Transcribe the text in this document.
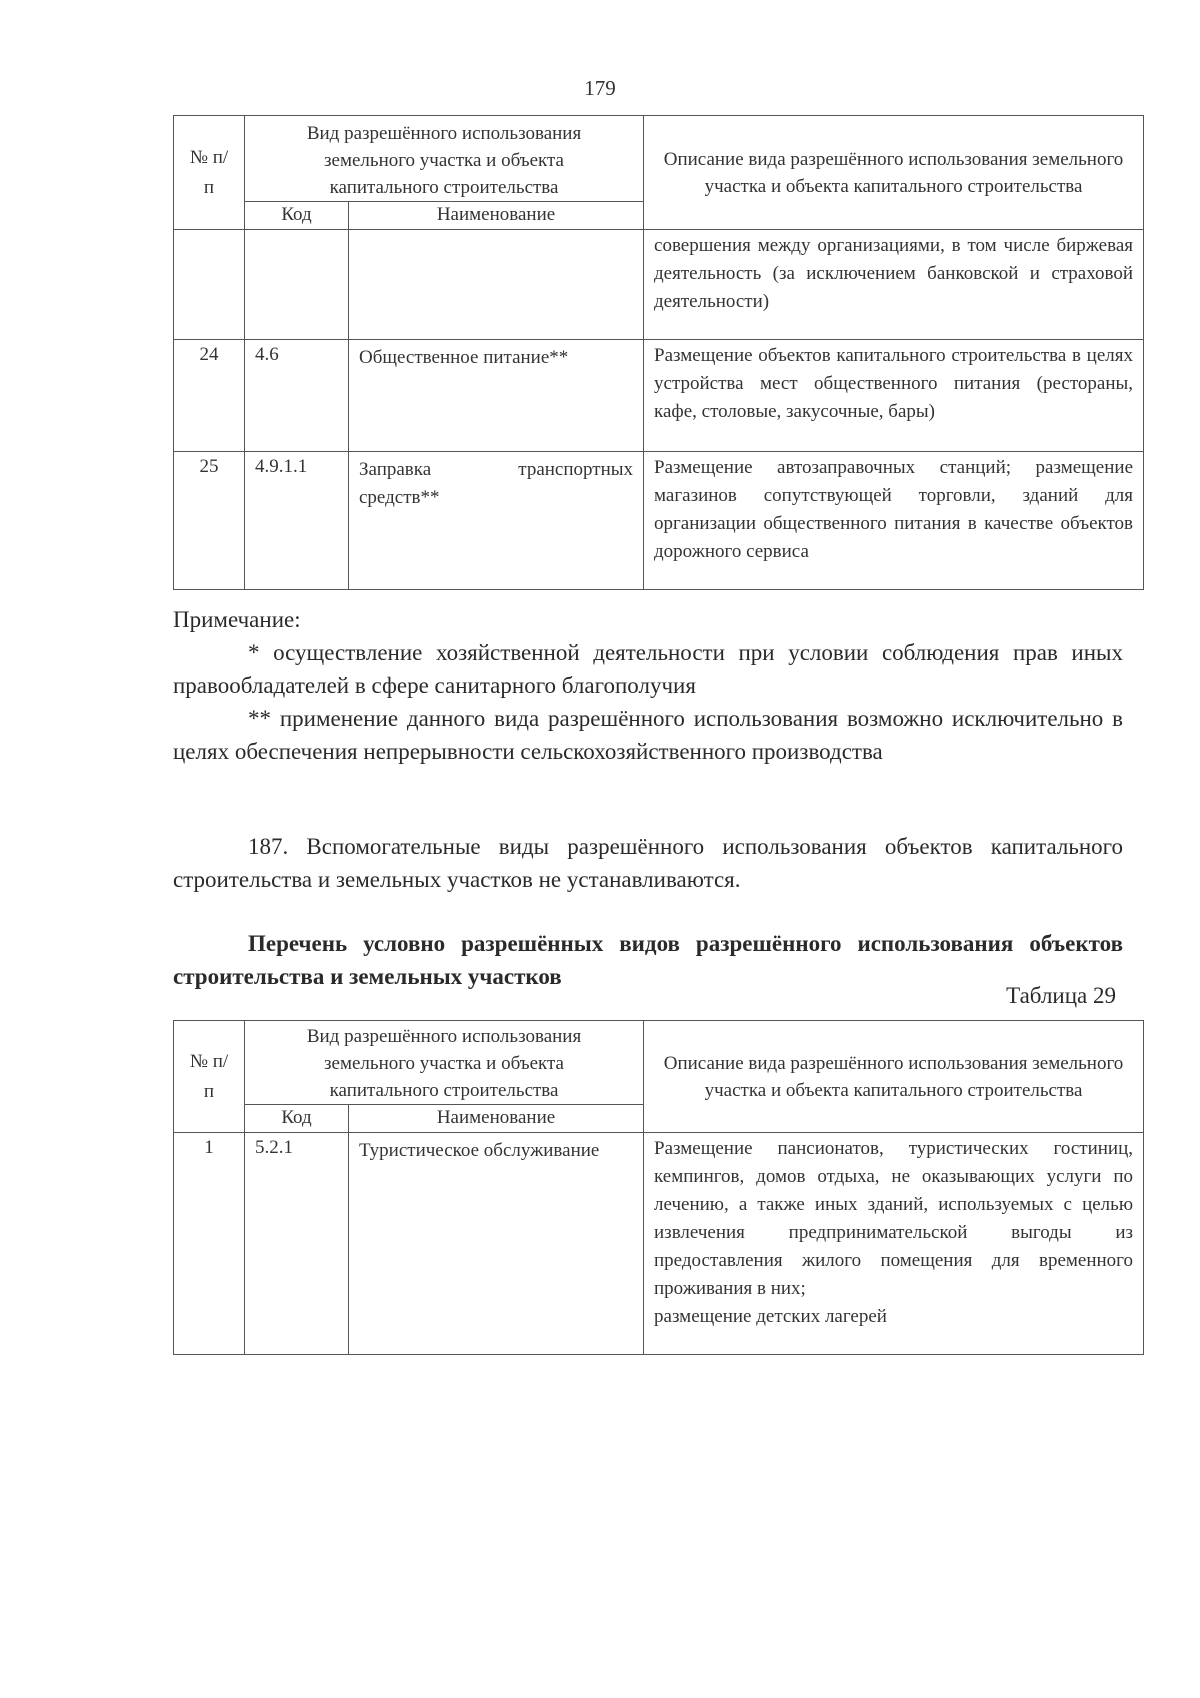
179
№ п/п	Вид разрешённого использования земельного участка и объекта капитального строительства		Описание вида разрешённого использования земельного участка и объекта капитального строительства
	Код	Наименование	
			совершения между организациями, в том числе биржевая деятельность (за исключением банковской и страховой деятельности)
24	4.6	Общественное питание**	Размещение объектов капитального строительства в целях устройства мест общественного питания (рестораны, кафе, столовые, закусочные, бары)
25	4.9.1.1	Заправка транспортных средств**	Размещение автозаправочных станций; размещение магазинов сопутствующей торговли, зданий для организации общественного питания в качестве объектов дорожного сервиса

Примечание:

* осуществление хозяйственной деятельности при условии соблюдения прав иных правообладателей в сфере санитарного благополучия

** применение данного вида разрешённого использования возможно исключительно в целях обеспечения непрерывности сельскохозяйственного производства

187. Вспомогательные виды разрешённого использования объектов капитального строительства и земельных участков не устанавливаются.

Перечень условно разрешённых видов разрешённого использования объектов строительства и земельных участков

Таблица 29
№ п/п	Вид разрешённого использования земельного участка и объекта капитального строительства		Описание вида разрешённого использования земельного участка и объекта капитального строительства
	Код	Наименование	
1	5.2.1	Туристическое обслуживание	Размещение пансионатов, туристических гостиниц, кемпингов, домов отдыха, не оказывающих услуги по лечению, а также иных зданий, используемых с целью извлечения предпринимательской выгоды из предоставления жилого помещения для временного проживания в них;
размещение детских лагерей
